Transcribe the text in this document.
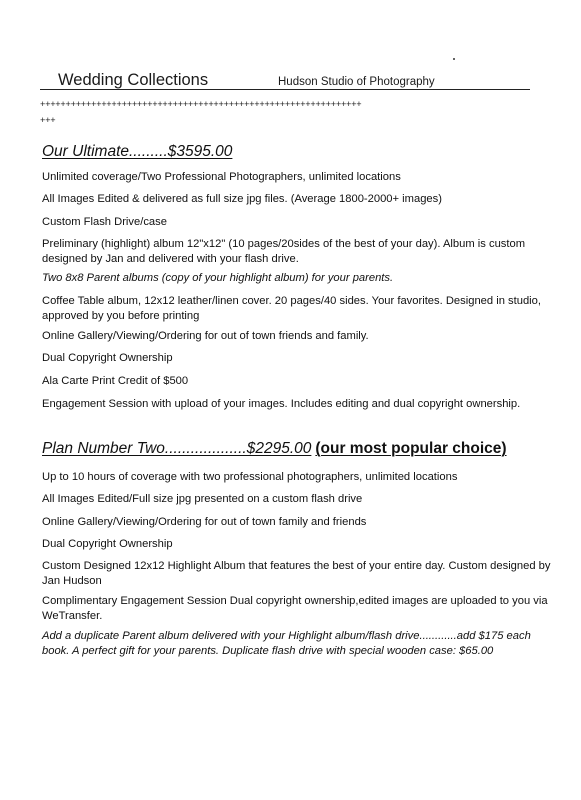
Wedding Collections	Hudson Studio of Photography
+++++++++++++++++++++++++++++++++++++++++++++++++++++++++++++++
+++
Our Ultimate.........$3595.00
Unlimited coverage/Two Professional Photographers, unlimited locations
All Images Edited & delivered as full size jpg files. (Average 1800-2000+ images)
Custom Flash Drive/case
Preliminary (highlight) album 12"x12" (10 pages/20sides of the best of your day). Album is custom designed by Jan and delivered with your flash drive.
Two 8x8 Parent albums (copy of your highlight album) for your parents.
Coffee Table album, 12x12 leather/linen cover. 20 pages/40 sides. Your favorites. Designed in studio, approved by you before printing
Online Gallery/Viewing/Ordering for out of town friends and family.
Dual Copyright Ownership
Ala Carte Print Credit of $500
Engagement Session with upload of your images. Includes editing and dual copyright ownership.
Plan Number Two...................$2295.00 (our most popular choice)
Up to 10 hours of coverage with two professional photographers, unlimited locations
All Images Edited/Full size jpg presented on a custom flash drive
Online Gallery/Viewing/Ordering for out of town family and friends
Dual Copyright Ownership
Custom Designed 12x12 Highlight Album that features the best of your entire day. Custom designed by Jan Hudson
Complimentary Engagement Session Dual copyright ownership,edited images are uploaded to you via WeTransfer.
Add a duplicate Parent album delivered with your Highlight album/flash drive............add $175 each book. A perfect gift for your parents. Duplicate flash drive with special wooden case: $65.00
